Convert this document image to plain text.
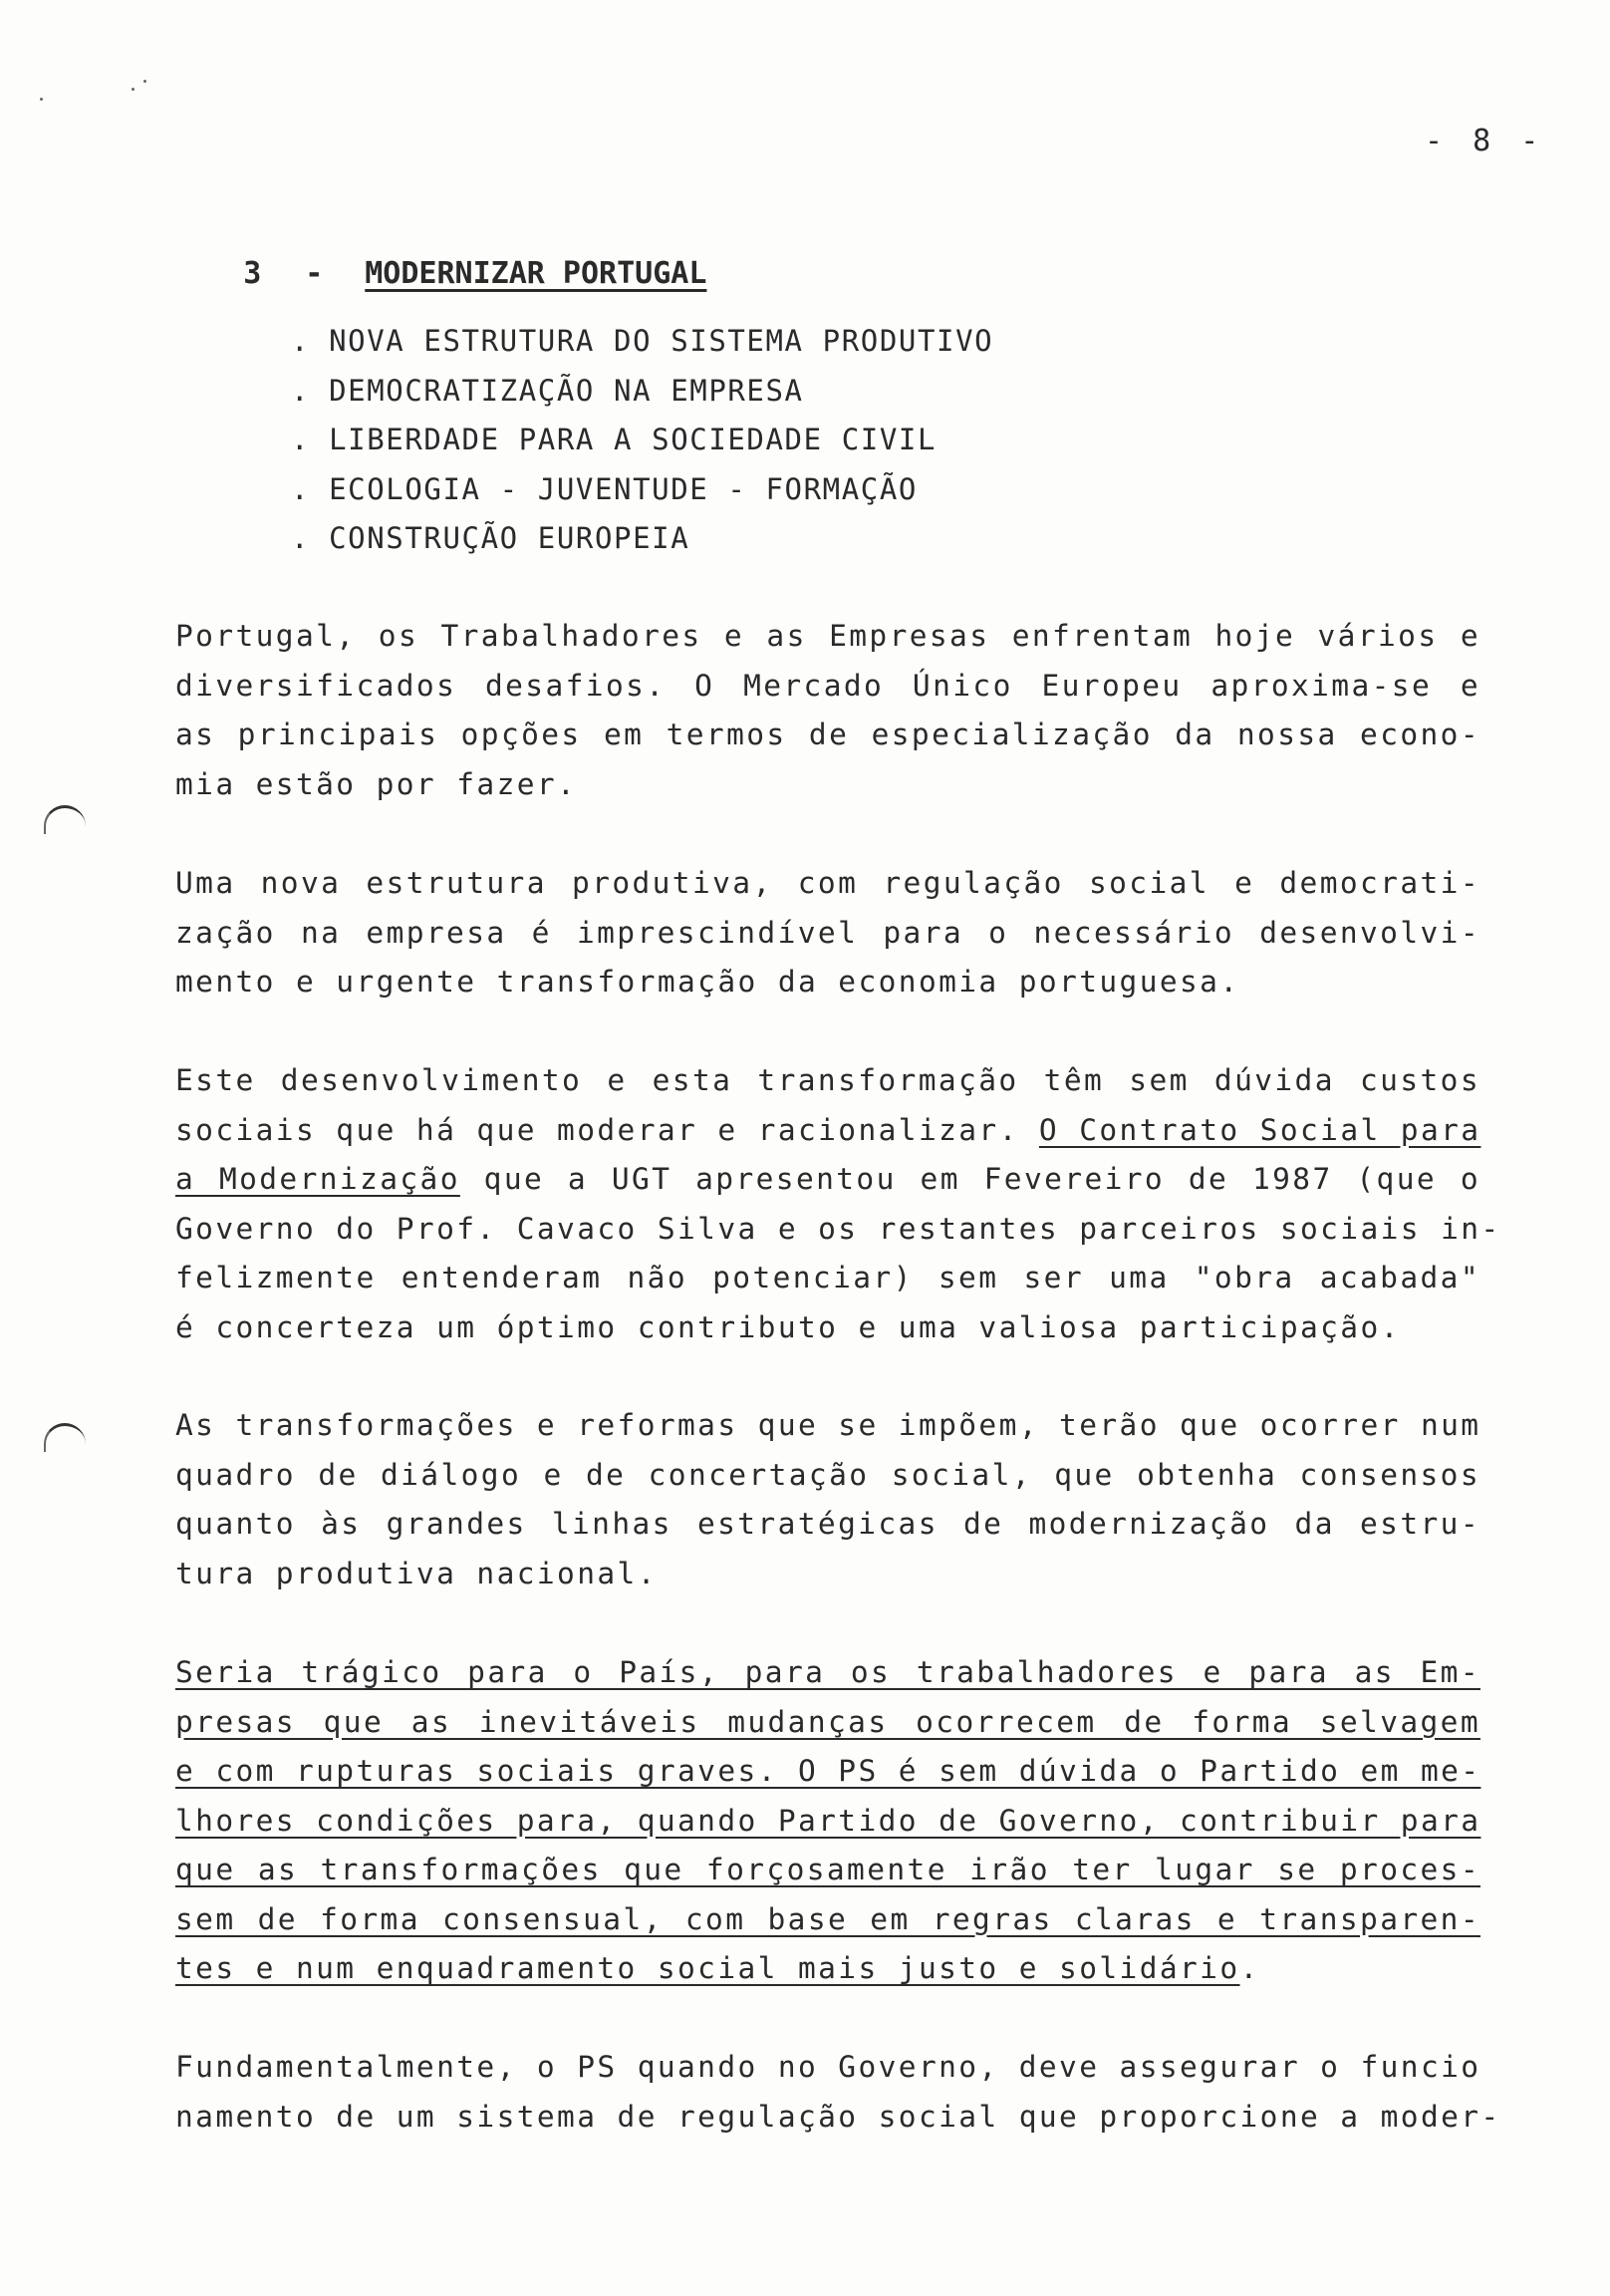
- 8 -

3 - MODERNIZAR PORTUGAL

. NOVA ESTRUTURA DO SISTEMA PRODUTIVO
. DEMOCRATIZAÇÃO NA EMPRESA
. LIBERDADE PARA A SOCIEDADE CIVIL
. ECOLOGIA - JUVENTUDE - FORMAÇÃO
. CONSTRUÇÃO EUROPEIA

Portugal, os Trabalhadores e as Empresas enfrentam hoje vários e
diversificados desafios. O Mercado Único Europeu aproxima-se e
as principais opções em termos de especialização da nossa econo-
mia estão por fazer.

Uma nova estrutura produtiva, com regulação social e democrati-
zação na empresa é imprescindível para o necessário desenvolvi-
mento e urgente transformação da economia portuguesa.

Este desenvolvimento e esta transformação têm sem dúvida custos
sociais que há que moderar e racionalizar. O Contrato Social para
a Modernização que a UGT apresentou em Fevereiro de 1987 (que o
Governo do Prof. Cavaco Silva e os restantes parceiros sociais in-
felizmente entenderam não potenciar) sem ser uma "obra acabada"
é concerteza um óptimo contributo e uma valiosa participação.

As transformações e reformas que se impõem, terão que ocorrer num
quadro de diálogo e de concertação social, que obtenha consensos
quanto às grandes linhas estratégicas de modernização da estru-
tura produtiva nacional.

Seria trágico para o País, para os trabalhadores e para as Em-
presas que as inevitáveis mudanças ocorrecem de forma selvagem
e com rupturas sociais graves. O PS é sem dúvida o Partido em me-
lhores condições para, quando Partido de Governo, contribuir para
que as transformações que forçosamente irão ter lugar se proces-
sem de forma consensual, com base em regras claras e transparen-
tes e num enquadramento social mais justo e solidário.

Fundamentalmente, o PS quando no Governo, deve assegurar o funcio
namento de um sistema de regulação social que proporcione a moder-
